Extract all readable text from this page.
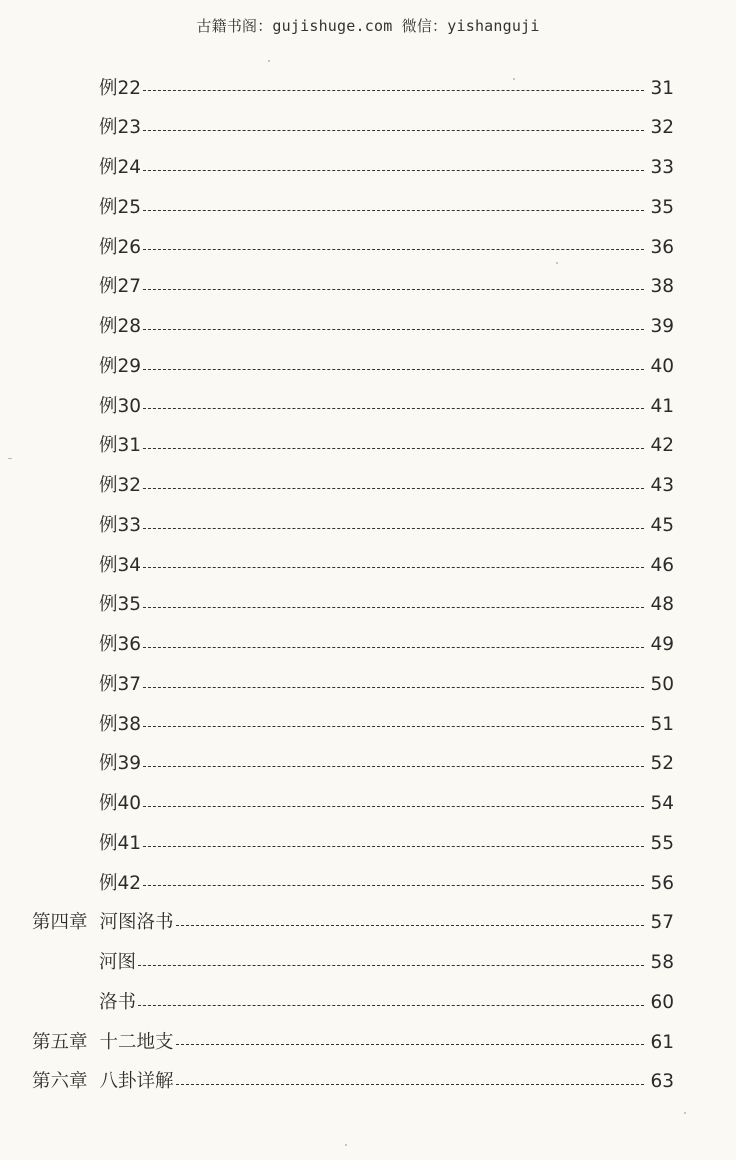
古籍书阁：gujishuge.com 微信：yishanguji
例22	31
例23	32
例24	33
例25	35
例26	36
例27	38
例28	39
例29	40
例30	41
例31	42
例32	43
例33	45
例34	46
例35	48
例36	49
例37	50
例38	51
例39	52
例40	54
例41	55
例42	56
第四章 河图洛书	57
河图	58
洛书	60
第五章 十二地支	61
第六章 八卦详解	63
